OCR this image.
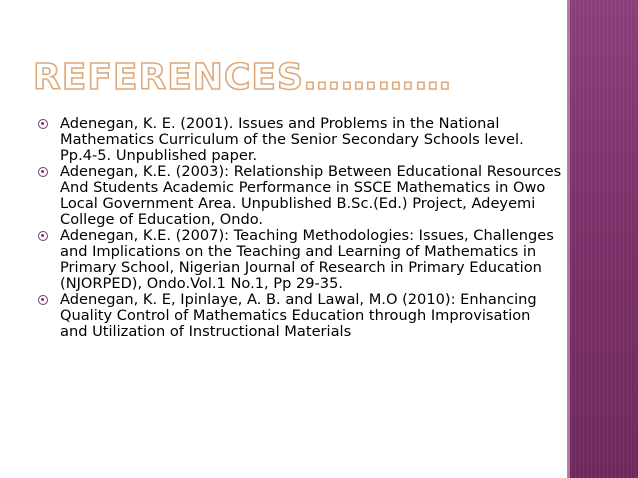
REFERENCES…………
Adenegan, K. E. (2001). Issues and Problems in the National Mathematics Curriculum of the Senior Secondary Schools level. Pp.4-5. Unpublished paper.
Adenegan, K.E. (2003): Relationship Between Educational Resources And Students Academic Performance in SSCE Mathematics in Owo Local Government Area. Unpublished B.Sc.(Ed.) Project, Adeyemi College of Education, Ondo.
Adenegan, K.E. (2007): Teaching Methodologies: Issues, Challenges and Implications on the Teaching and Learning of Mathematics in Primary School, Nigerian Journal of Research in Primary Education (NJORPED), Ondo.Vol.1 No.1, Pp 29-35.
Adenegan, K. E, Ipinlaye, A. B. and Lawal, M.O (2010): Enhancing Quality Control of Mathematics Education through Improvisation and Utilization of Instructional Materials
